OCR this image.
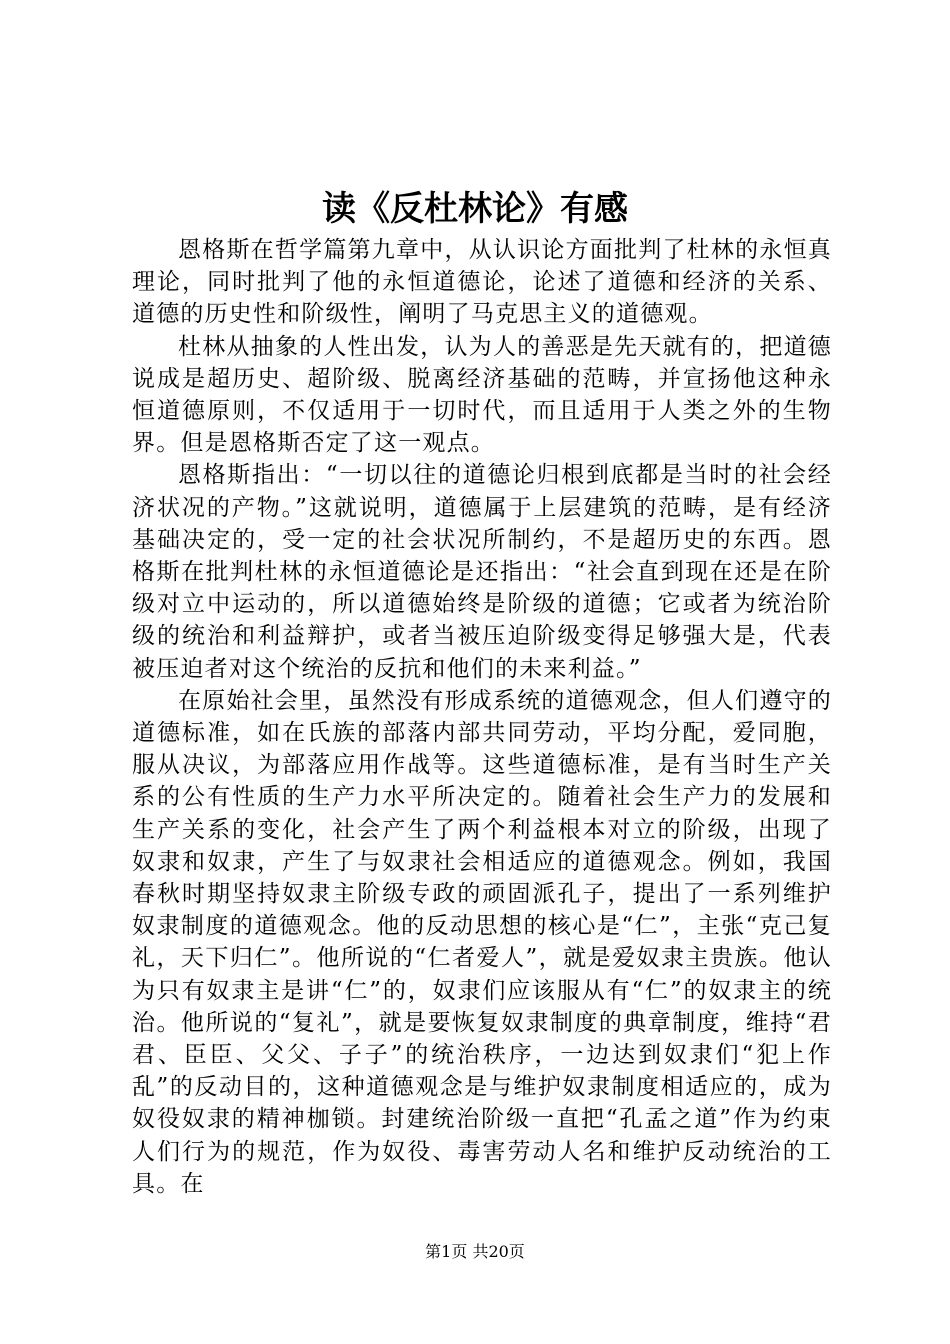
读《反杜林论》有感

恩格斯在哲学篇第九章中，从认识论方面批判了杜林的永恒真理论，同时批判了他的永恒道德论，论述了道德和经济的关系、道德的历史性和阶级性，阐明了马克思主义的道德观。

杜林从抽象的人性出发，认为人的善恶是先天就有的，把道德说成是超历史、超阶级、脱离经济基础的范畴，并宣扬他这种永恒道德原则，不仅适用于一切时代，而且适用于人类之外的生物界。但是恩格斯否定了这一观点。

恩格斯指出：“一切以往的道德论归根到底都是当时的社会经济状况的产物。”这就说明，道德属于上层建筑的范畴，是有经济基础决定的，受一定的社会状况所制约，不是超历史的东西。恩格斯在批判杜林的永恒道德论是还指出：“社会直到现在还是在阶级对立中运动的，所以道德始终是阶级的道德；它或者为统治阶级的统治和利益辩护，或者当被压迫阶级变得足够强大是，代表被压迫者对这个统治的反抗和他们的未来利益。”

在原始社会里，虽然没有形成系统的道德观念，但人们遵守的道德标准，如在氏族的部落内部共同劳动，平均分配，爱同胞，服从决议，为部落应用作战等。这些道德标准，是有当时生产关系的公有性质的生产力水平所决定的。随着社会生产力的发展和生产关系的变化，社会产生了两个利益根本对立的阶级，出现了奴隶和奴隶，产生了与奴隶社会相适应的道德观念。例如，我国春秋时期坚持奴隶主阶级专政的顽固派孔子，提出了一系列维护奴隶制度的道德观念。他的反动思想的核心是“仁”，主张“克己复礼，天下归仁”。他所说的“仁者爱人”，就是爱奴隶主贵族。他认为只有奴隶主是讲“仁”的，奴隶们应该服从有“仁”的奴隶主的统治。他所说的“复礼”，就是要恢复奴隶制度的典章制度，维持“君君、臣臣、父父、子子”的统治秩序，一边达到奴隶们“犯上作乱”的反动目的，这种道德观念是与维护奴隶制度相适应的，成为奴役奴隶的精神枷锁。封建统治阶级一直把“孔孟之道”作为约束人们行为的规范，作为奴役、毒害劳动人名和维护反动统治的工具。在

第1页 共20页
